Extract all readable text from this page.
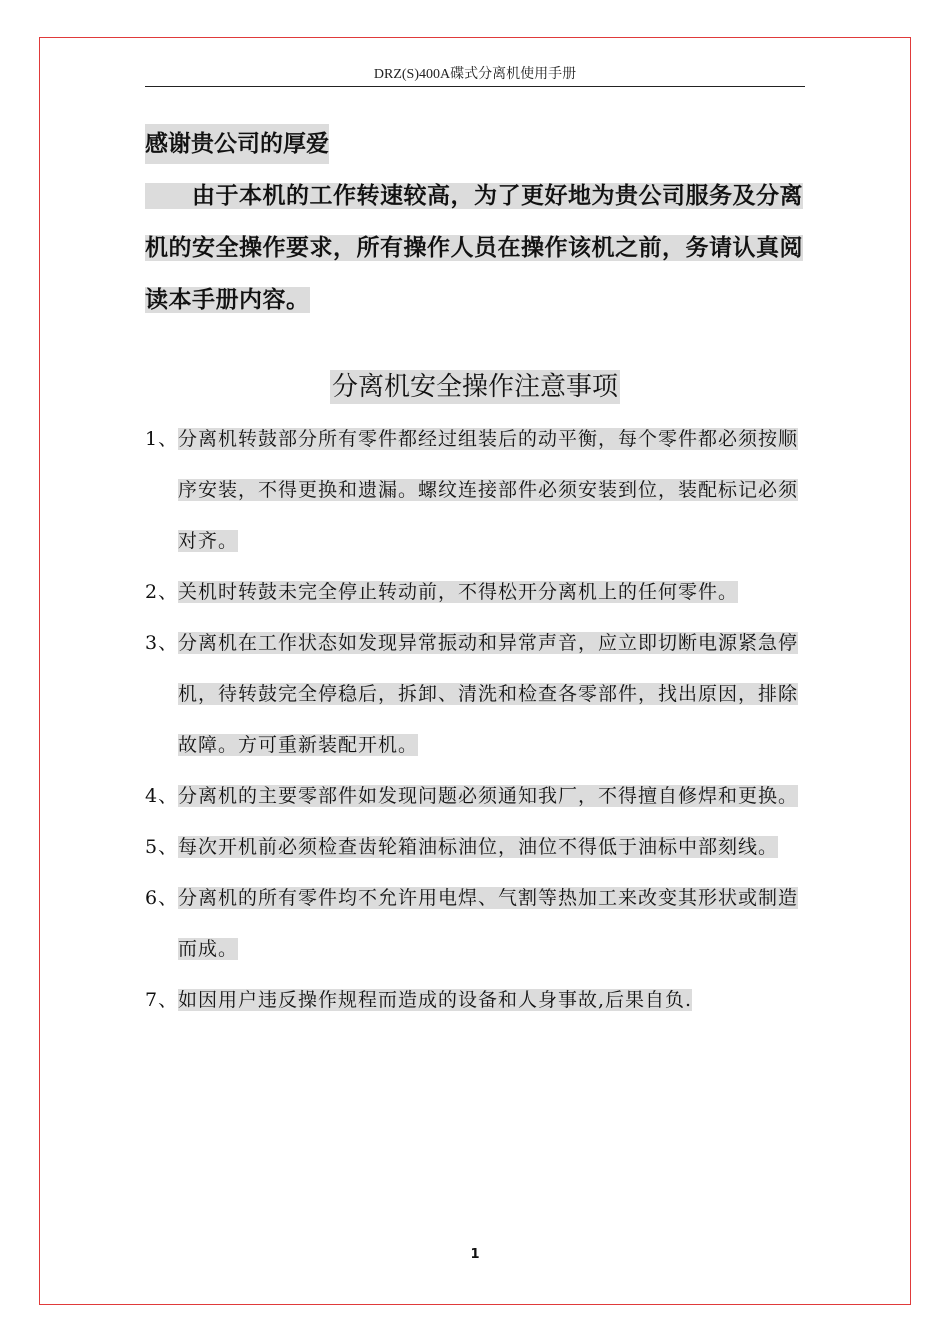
DRZ(S)400A碟式分离机使用手册

感谢贵公司的厚爱

　　由于本机的工作转速较高，为了更好地为贵公司服务及分离机的安全操作要求，所有操作人员在操作该机之前，务请认真阅读本手册内容。

分离机安全操作注意事项
1、 分离机转鼓部分所有零件都经过组装后的动平衡，每个零件都必须按顺序安装，不得更换和遗漏。螺纹连接部件必须安装到位，装配标记必须对齐。
2、 关机时转鼓未完全停止转动前，不得松开分离机上的任何零件。
3、 分离机在工作状态如发现异常振动和异常声音，应立即切断电源紧急停机，待转鼓完全停稳后，拆卸、清洗和检查各零部件，找出原因，排除故障。方可重新装配开机。
4、 分离机的主要零部件如发现问题必须通知我厂，不得擅自修焊和更换。
5、 每次开机前必须检查齿轮箱油标油位，油位不得低于油标中部刻线。
6、 分离机的所有零件均不允许用电焊、气割等热加工来改变其形状或制造而成。
7、 如因用户违反操作规程而造成的设备和人身事故,后果自负.
1
